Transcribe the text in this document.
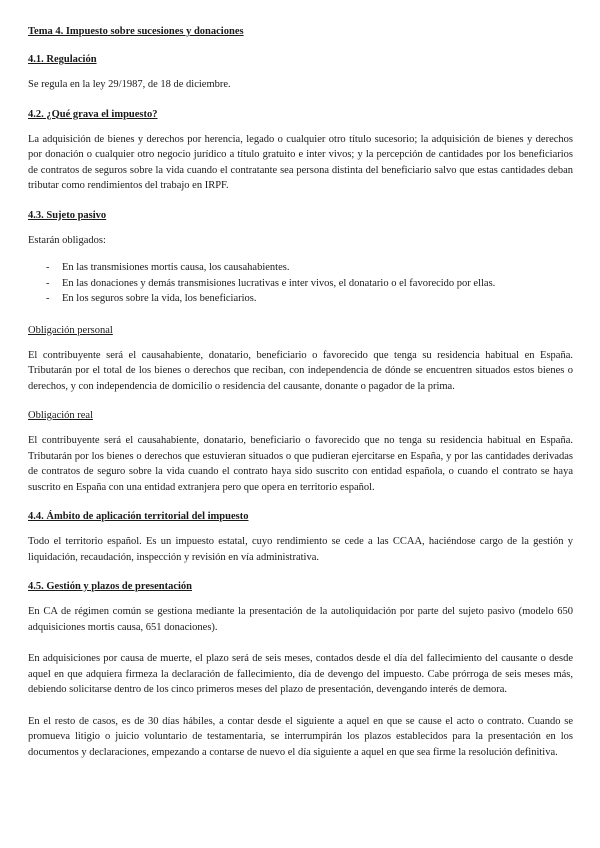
Tema 4. Impuesto sobre sucesiones y donaciones
4.1. Regulación

Se regula en la ley 29/1987, de 18 de diciembre.

4.2. ¿Qué grava el impuesto?

La adquisición de bienes y derechos por herencia, legado o cualquier otro título sucesorio; la adquisición de bienes y derechos por donación o cualquier otro negocio jurídico a título gratuito e inter vivos; y la percepción de cantidades por los beneficiarios de contratos de seguros sobre la vida cuando el contratante sea persona distinta del beneficiario salvo que estas cantidades deban tributar como rendimientos del trabajo en IRPF.

4.3. Sujeto pasivo

Estarán obligados:

- En las transmisiones mortis causa, los causahabientes.
- En las donaciones y demás transmisiones lucrativas e inter vivos, el donatario o el favorecido por ellas.
- En los seguros sobre la vida, los beneficiarios.
Obligación personal

El contribuyente será el causahabiente, donatario, beneficiario o favorecido que tenga su residencia habitual en España. Tributarán por el total de los bienes o derechos que reciban, con independencia de dónde se encuentren situados estos bienes o derechos, y con independencia de domicilio o residencia del causante, donante o pagador de la prima.

Obligación real

El contribuyente será el causahabiente, donatario, beneficiario o favorecido que no tenga su residencia habitual en España. Tributarán por los bienes o derechos que estuvieran situados o que pudieran ejercitarse en España, y por las cantidades derivadas de contratos de seguro sobre la vida cuando el contrato haya sido suscrito con entidad española, o cuando el contrato se haya suscrito en España con una entidad extranjera pero que opera en territorio español.

4.4. Ámbito de aplicación territorial del impuesto

Todo el territorio español. Es un impuesto estatal, cuyo rendimiento se cede a las CCAA, haciéndose cargo de la gestión y liquidación, recaudación, inspección y revisión en vía administrativa.

4.5. Gestión y plazos de presentación

En CA de régimen común se gestiona mediante la presentación de la autoliquidación por parte del sujeto pasivo (modelo 650 adquisiciones mortis causa, 651 donaciones).

En adquisiciones por causa de muerte, el plazo será de seis meses, contados desde el día del fallecimiento del causante o desde aquel en que adquiera firmeza la declaración de fallecimiento, día de devengo del impuesto. Cabe prórroga de seis meses más, debiendo solicitarse dentro de los cinco primeros meses del plazo de presentación, devengando interés de demora.

En el resto de casos, es de 30 días hábiles, a contar desde el siguiente a aquel en que se cause el acto o contrato. Cuando se promueva litigio o juicio voluntario de testamentaria, se interrumpirán los plazos establecidos para la presentación en los documentos y declaraciones, empezando a contarse de nuevo el día siguiente a aquel en que sea firme la resolución definitiva.
